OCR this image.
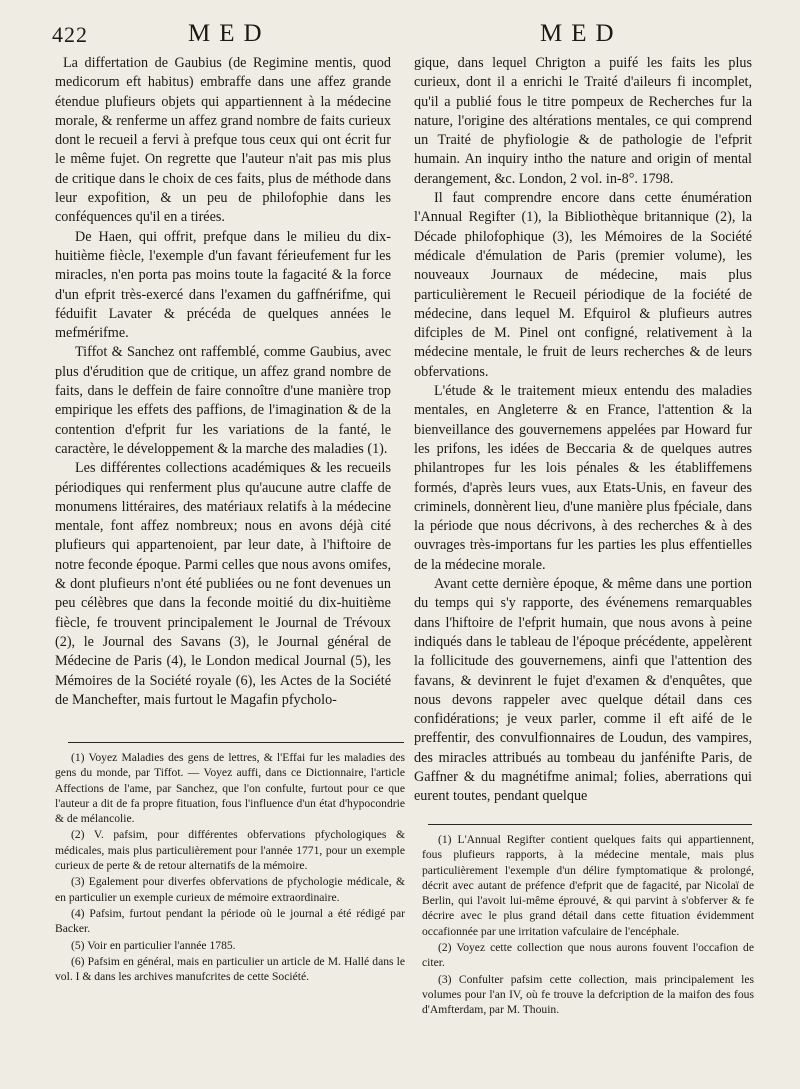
422	MED	MED

La differtation de Gaubius (de Regimine mentis, quod medicorum eft habitus) embraffe dans une affez grande étendue plufieurs objets qui appartiennent à la médecine morale, & renferme un affez grand nombre de faits curieux dont le recueil a fervi à prefque tous ceux qui ont écrit fur le même fujet. On regrette que l'auteur n'ait pas mis plus de critique dans le choix de ces faits, plus de méthode dans leur expofition, & un peu de philofophie dans les conféquences qu'il en a tirées.

De Haen, qui offrit, prefque dans le milieu du dix-huitième fiècle, l'exemple d'un favant férieufement fur les miracles, n'en porta pas moins toute la fagacité & la force d'un efprit très-exercé dans l'examen du gaffnérifme, qui féduifit Lavater & précéda de quelques années le mefmérifme.

Tiffot & Sanchez ont raffemblé, comme Gaubius, avec plus d'érudition que de critique, un affez grand nombre de faits, dans le deffein de faire connoître d'une manière trop empirique les effets des paffions, de l'imagination & de la contention d'efprit fur les variations de la fanté, le caractère, le développement & la marche des maladies (1).

Les différentes collections académiques & les recueils périodiques qui renferment plus qu'aucune autre claffe de monumens littéraires, des matériaux relatifs à la médecine mentale, font affez nombreux; nous en avons déjà cité plufieurs qui appartenoient, par leur date, à l'hiftoire de notre feconde époque. Parmi celles que nous avons omifes, & dont plufieurs n'ont été publiées ou ne font devenues un peu célèbres que dans la feconde moitié du dix-huitième fiècle, fe trouvent principalement le Journal de Trévoux (2), le Journal des Savans (3), le Journal général de Médecine de Paris (4), le London medical Journal (5), les Mémoires de la Société royale (6), les Actes de la Société de Manchefter, mais furtout le Magafin pfycholo-

gique, dans lequel Chrigton a puifé les faits les plus curieux, dont il a enrichi le Traité d'aileurs fi incomplet, qu'il a publié fous le titre pompeux de Recherches fur la nature, l'origine des altérations mentales, ce qui comprend un Traité de phyfiologie & de pathologie de l'efprit humain. An inquiry intho the nature and origin of mental derangement, &c. London, 2 vol. in-8°. 1798.

Il faut comprendre encore dans cette énumération l'Annual Regifter (1), la Bibliothèque britannique (2), la Décade philofophique (3), les Mémoires de la Société médicale d'émulation de Paris (premier volume), les nouveaux Journaux de médecine, mais plus particulièrement le Recueil périodique de la fociété de médecine, dans lequel M. Efquirol & plufieurs autres difciples de M. Pinel ont configné, relativement à la médecine mentale, le fruit de leurs recherches & de leurs obfervations.

L'étude & le traitement mieux entendu des maladies mentales, en Angleterre & en France, l'attention & la bienveillance des gouvernemens appelées par Howard fur les prifons, les idées de Beccaria & de quelques autres philantropes fur les lois pénales & les établiffemens formés, d'après leurs vues, aux Etats-Unis, en faveur des criminels, donnèrent lieu, d'une manière plus fpéciale, dans la période que nous décrivons, à des recherches & à des ouvrages très-importans fur les parties les plus effentielles de la médecine morale.

Avant cette dernière époque, & même dans une portion du temps qui s'y rapporte, des événemens remarquables dans l'hiftoire de l'efprit humain, que nous avons à peine indiqués dans le tableau de l'époque précédente, appelèrent la follicitude des gouvernemens, ainfi que l'attention des favans, & devinrent le fujet d'examen & d'enquêtes, que nous devons rappeler avec quelque détail dans ces confidérations; je veux parler, comme il eft aifé de le preffentir, des convulfionnaires de Loudun, des vampires, des miracles attribués au tombeau du janfénifte Paris, de Gaffner & du magnétifme animal; folies, aberrations qui eurent toutes, pendant quelque

(1) Voyez Maladies des gens de lettres, & l'Effai fur les maladies des gens du monde, par Tiffot. — Voyez auffi, dans ce Dictionnaire, l'article Affections de l'ame, par Sanchez, que l'on confulte, furtout pour ce que l'auteur a dit de fa propre fituation, fous l'influence d'un état d'hypocondrie & de mélancolie.

(2) V. pafsim, pour différentes obfervations pfychologiques & médicales, mais plus particulièrement pour l'année 1771, pour un exemple curieux de perte & de retour alternatifs de la mémoire.

(3) Egalement pour diverfes obfervations de pfychologie médicale, & en particulier un exemple curieux de mémoire extraordinaire.

(4) Pafsim, furtout pendant la période où le journal a été rédigé par Backer.

(5) Voir en particulier l'année 1785.

(6) Pafsim en général, mais en particulier un article de M. Hallé dans le vol. I & dans les archives manufcrites de cette Société.

(1) L'Annual Regifter contient quelques faits qui appartiennent, fous plufieurs rapports, à la médecine mentale, mais plus particulièrement l'exemple d'un délire fymptomatique & prolongé, décrit avec autant de préfence d'efprit que de fagacité, par Nicolaï de Berlin, qui l'avoit lui-même éprouvé, & qui parvint à s'obferver & fe décrire avec le plus grand détail dans cette fituation évidemment occafionnée par une irritation vafculaire de l'encéphale.

(2) Voyez cette collection que nous aurons fouvent l'occafion de citer.

(3) Confulter pafsim cette collection, mais principalement les volumes pour l'an IV, où fe trouve la defcription de la maifon des fous d'Amfterdam, par M. Thouin.
